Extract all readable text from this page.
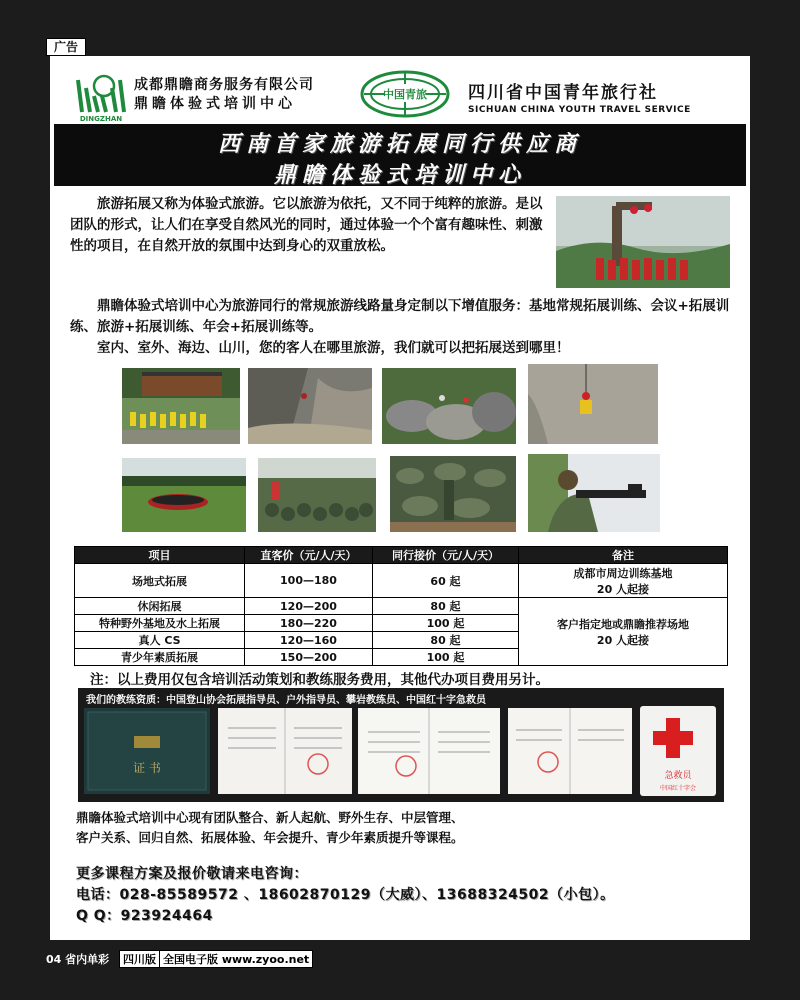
广告
DINGZHAN
成都鼎瞻商务服务有限公司
鼎瞻体验式培训中心
中国青旅 四川省中国青年旅行社
SICHUAN CHINA YOUTH TRAVEL SERVICE
西南首家旅游拓展同行供应商
鼎瞻体验式培训中心

旅游拓展又称为体验式旅游。它以旅游为依托，又不同于纯粹的旅游。是以团队的形式，让人们在享受自然风光的同时，通过体验一个个富有趣味性、刺激性的项目，在自然开放的氛围中达到身心的双重放松。

鼎瞻体验式培训中心为旅游同行的常规旅游线路量身定制以下增值服务：基地常规拓展训练、会议+拓展训练、旅游+拓展训练、年会+拓展训练等。

室内、室外、海边、山川，您的客人在哪里旅游，我们就可以把拓展送到哪里！

项目	直客价（元/人/天）	同行接价（元/人/天）	备注
场地式拓展	100—180	60 起	成都市周边训练基地
20 人起接

休闲拓展	120—200	80 起	客户指定地或鼎瞻推荐场地
20 人起接

特种野外基地及水上拓展	180—220	100 起	
真人 CS	120—160	80 起	
青少年素质拓展	150—200	100 起	
注：以上费用仅包含培训活动策划和教练服务费用，其他代办项目费用另计。
我们的教练资质：中国登山协会拓展指导员、户外指导员、攀岩教练员、中国红十字急救员
证 书
急救员
中国红十字会
鼎瞻体验式培训中心现有团队整合、新人起航、野外生存、中层管理、
客户关系、回归自然、拓展体验、年会提升、青少年素质提升等课程。
更多课程方案及报价敬请来电咨询：
电话：028-85589572 、18602870129（大威）、13688324502（小包）。
Q Q：923924464
04 省内单彩 四川版 全国电子版 www.zyoo.net
